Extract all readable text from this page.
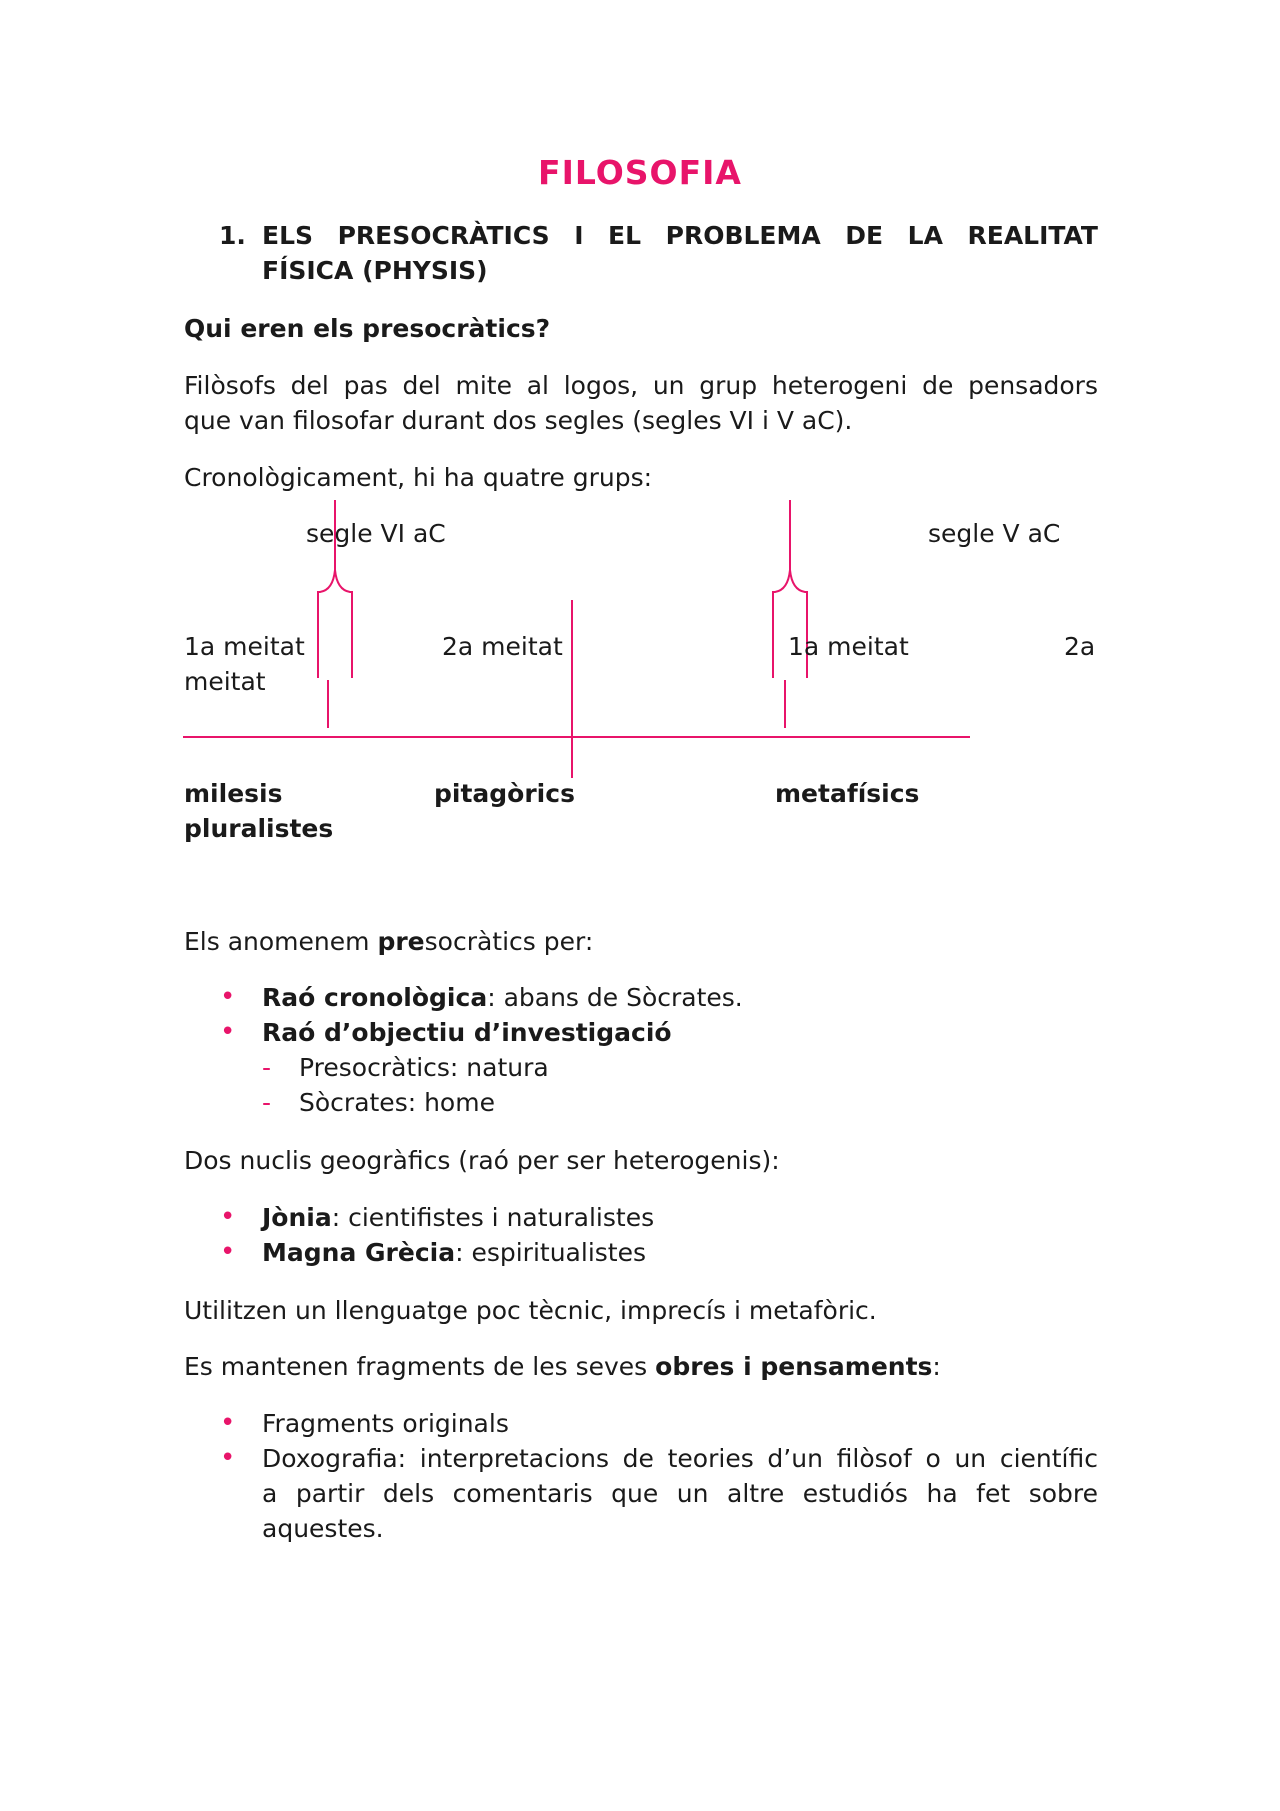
FILOSOFIA
1. ELS PRESOCRÀTICS I EL PROBLEMA DE LA REALITAT
FÍSICA (PHYSIS)
Qui eren els presocràtics?
Filòsofs del pas del mite al logos, un grup heterogeni de pensadors
que van filosofar durant dos segles (segles VI i V aC).
Cronològicament, hi ha quatre grups:
segle VI aC	segle V aC
1a meitat	2a meitat	1a meitat	2a
meitat
milesis	pitagòrics	metafísics
pluralistes
Els anomenem presocràtics per:
• Raó cronològica: abans de Sòcrates.
• Raó d’objectiu d’investigació
- Presocràtics: natura
- Sòcrates: home
Dos nuclis geogràfics (raó per ser heterogenis):
• Jònia: cientifistes i naturalistes
• Magna Grècia: espiritualistes
Utilitzen un llenguatge poc tècnic, imprecís i metafòric.
Es mantenen fragments de les seves obres i pensaments:
• Fragments originals
• Doxografia: interpretacions de teories d’un filòsof o un científic
a partir dels comentaris que un altre estudiós ha fet sobre
aquestes.
